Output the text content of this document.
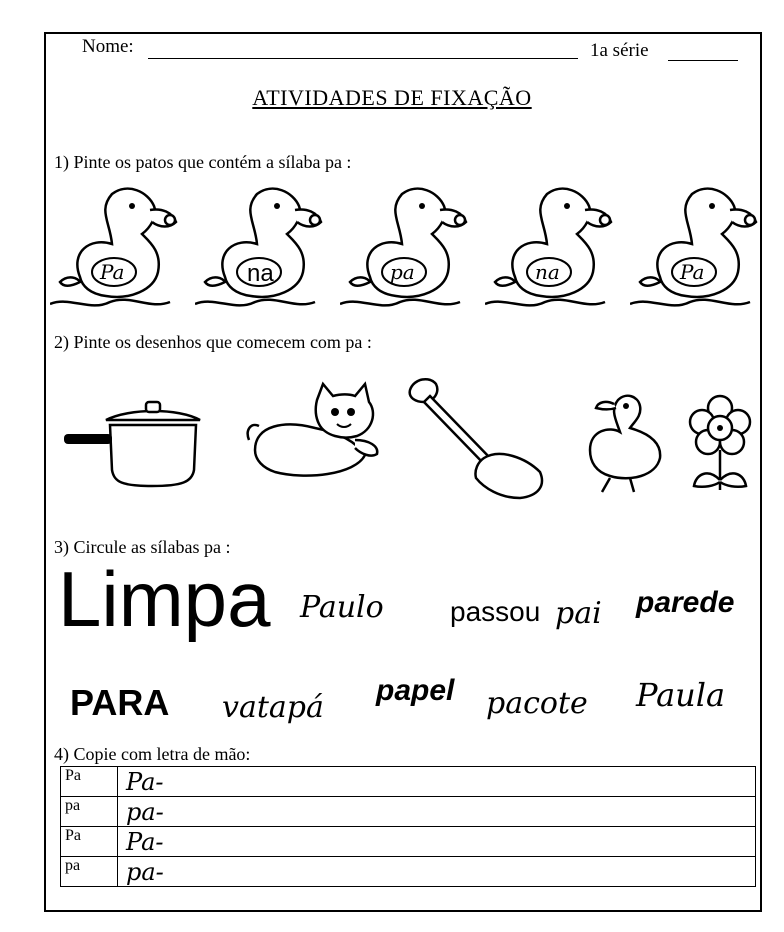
Nome:	1a série
ATIVIDADES DE FIXAÇÃO
1) Pinte os patos que contém a sílaba pa :
Pa	na	pa	na	Pa
2) Pinte os desenhos que comecem com pa :
3) Circule as sílabas pa :
Limpa Paulo passou pai parede
PARA vatapá papel pacote Paula
4) Copie com letra de mão:
Pa	Pa-
pa	pa-
Pa	Pa-
pa	pa-
